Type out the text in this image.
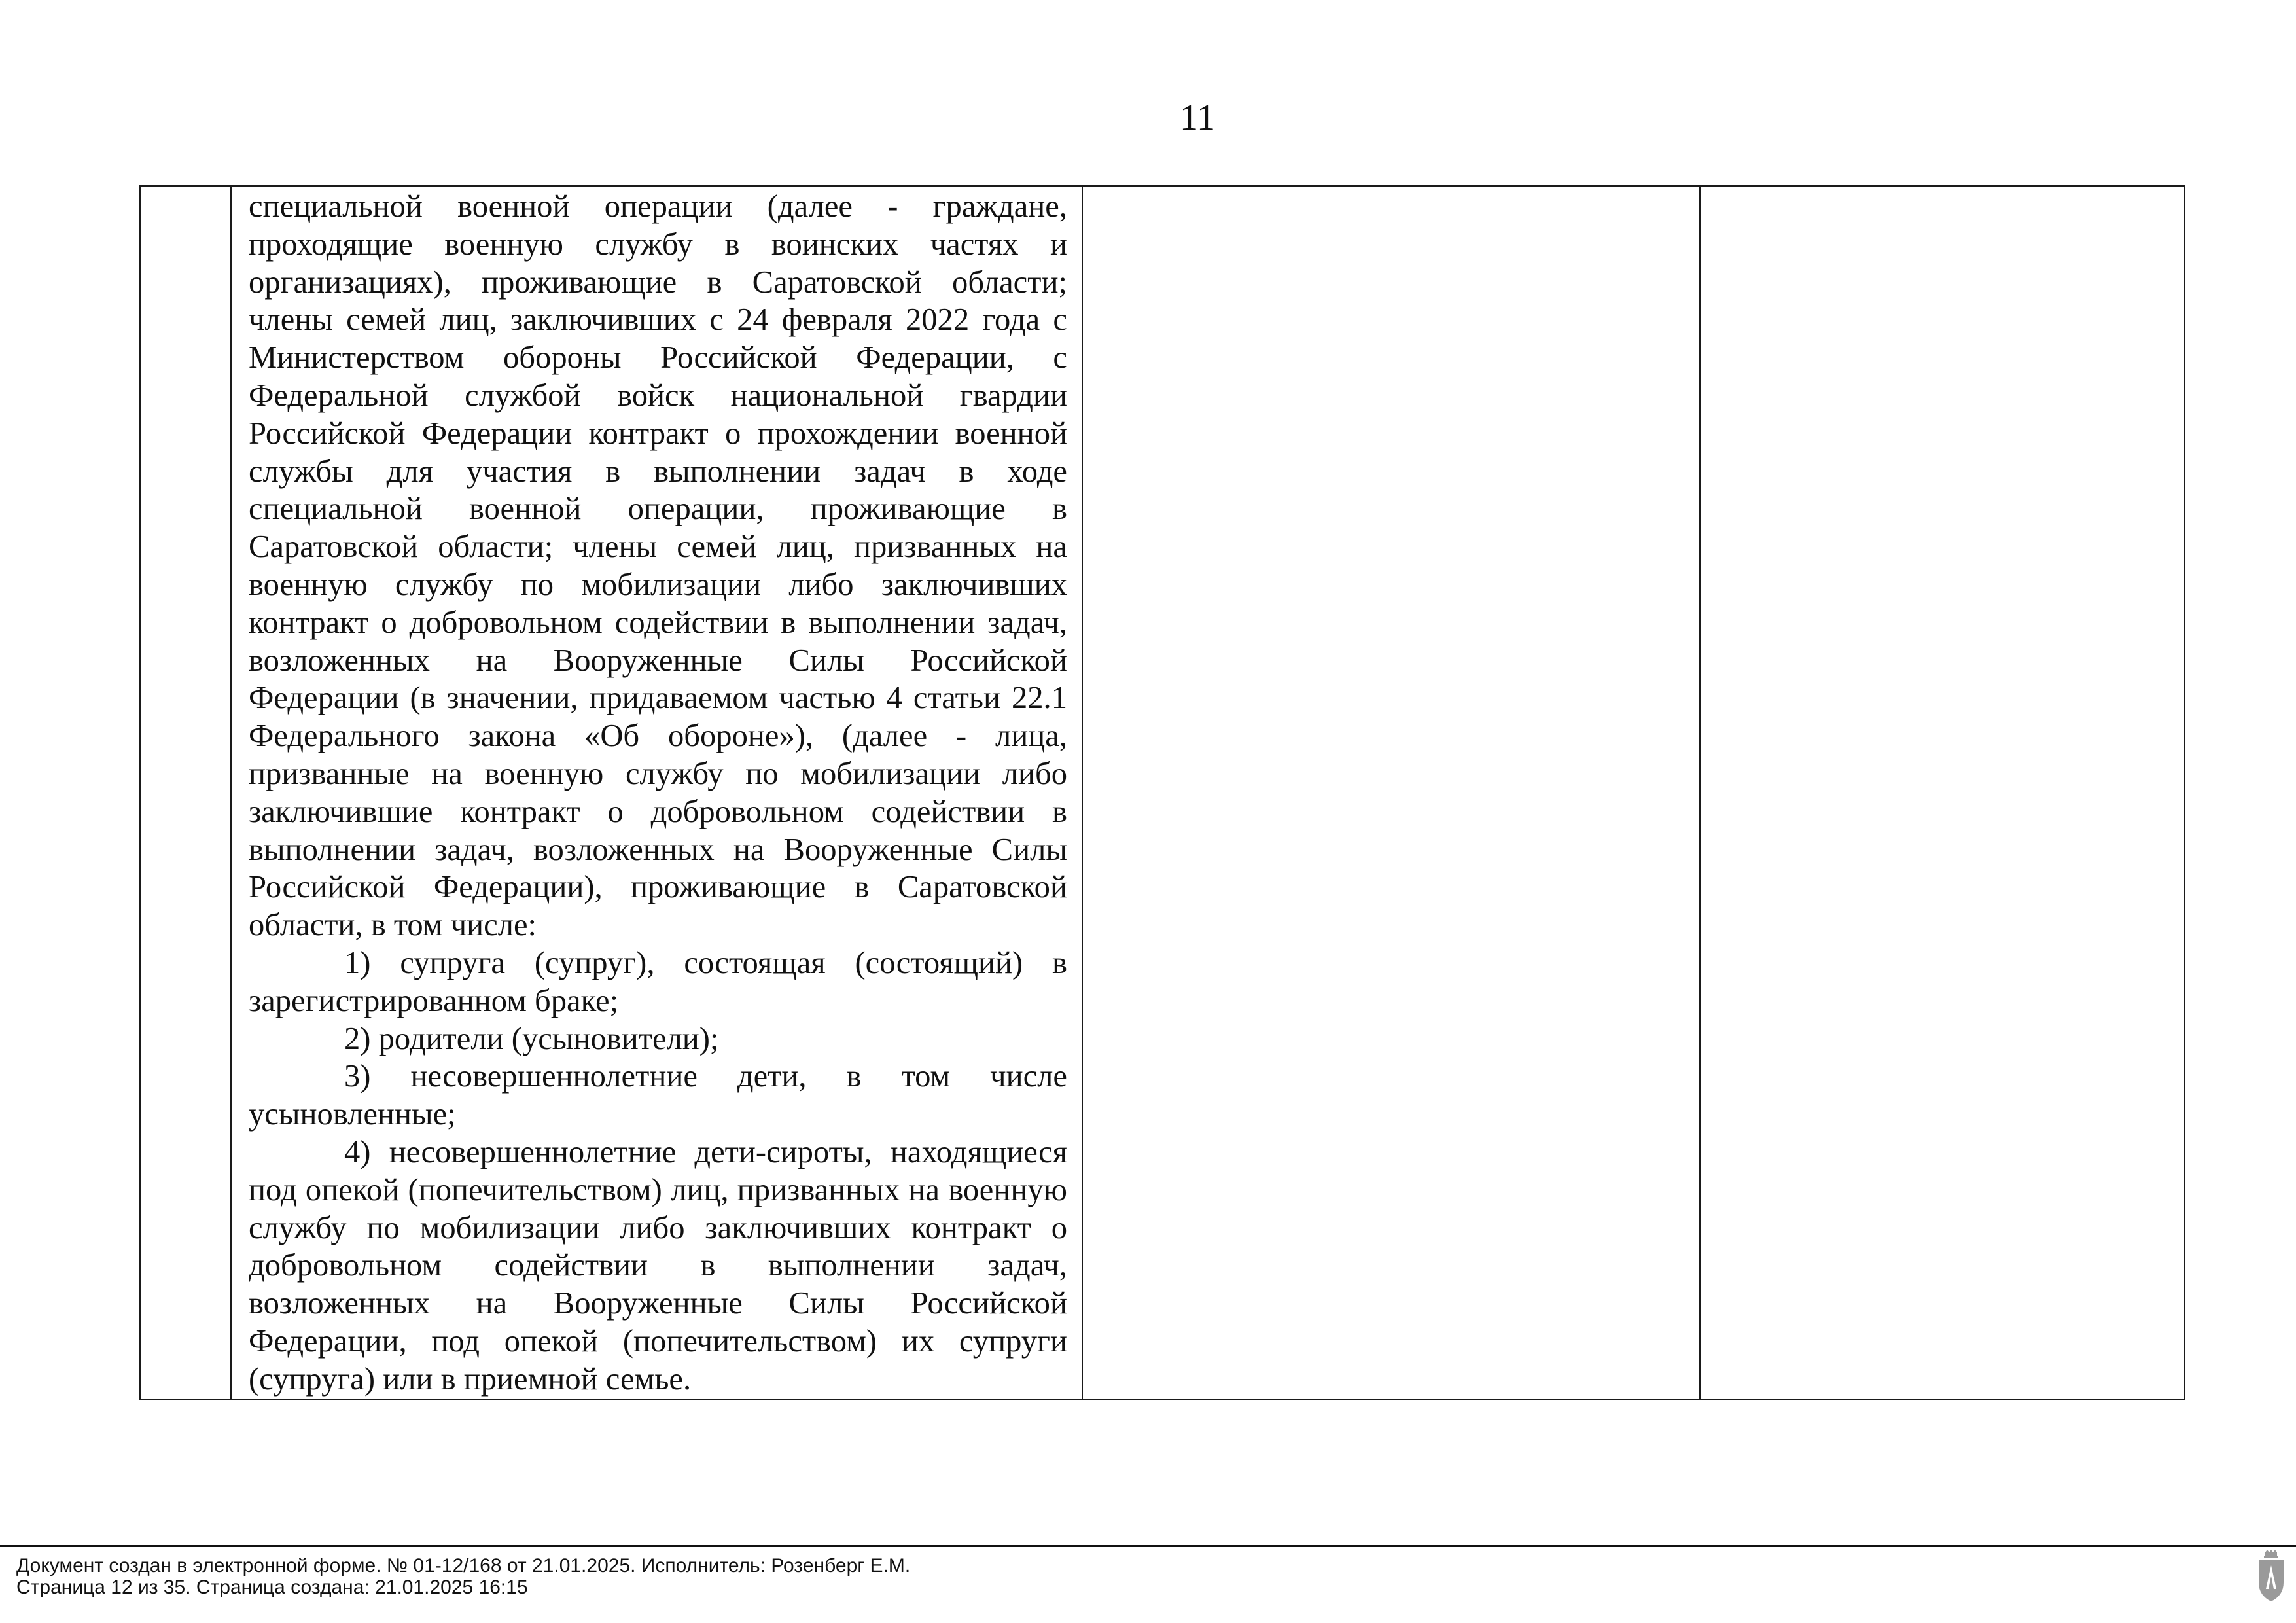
11

специальной военной операции (далее - граждане, проходящие военную службу в воинских частях и организациях), проживающие в Саратовской области; члены семей лиц, заключивших с 24 февраля 2022 года с Министерством обороны Российской Федерации, с Федеральной службой войск национальной гвардии Российской Федерации контракт о прохождении военной службы для участия в выполнении задач в ходе специальной военной операции, проживающие в Саратовской области; члены семей лиц, призванных на военную службу по мобилизации либо заключивших контракт о добровольном содействии в выполнении задач, возложенных на Вооруженные Силы Российской Федерации (в значении, придаваемом частью 4 статьи 22.1 Федерального закона «Об обороне»), (далее - лица, призванные на военную службу по мобилизации либо заключившие контракт о добровольном содействии в выполнении задач, возложенных на Вооруженные Силы Российской Федерации), проживающие в Саратовской области, в том числе:

1) супруга (супруг), состоящая (состоящий) в зарегистрированном браке;

2) родители (усыновители);

3) несовершеннолетние дети, в том числе усыновленные;

4) несовершеннолетние дети-сироты, находящиеся под опекой (попечительством) лиц, призванных на военную службу по мобилизации либо заключивших контракт о добровольном содействии в выполнении задач, возложенных на Вооруженные Силы Российской Федерации, под опекой (попечительством) их супруги (супруга) или в приемной семье.

Документ создан в электронной форме. № 01-12/168 от 21.01.2025. Исполнитель: Розенберг Е.М.
Страница 12 из 35. Страница создана: 21.01.2025 16:15
